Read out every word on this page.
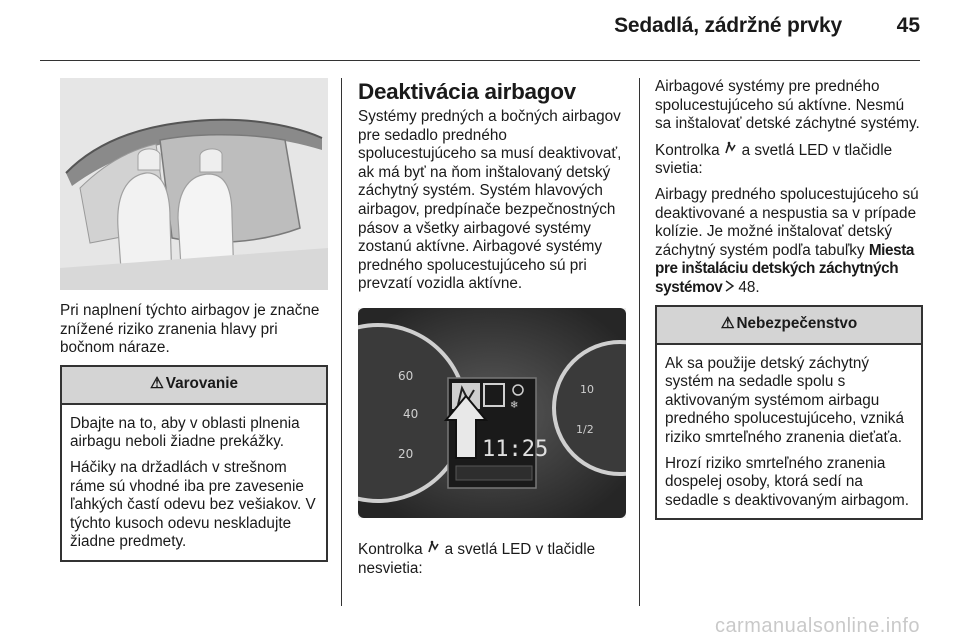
Sedadlá, zádržné prvky	45
Pri naplnení týchto airbagov je značne znížené riziko zranenia hlavy pri bočnom náraze.
⚠ Varovanie
Dbajte na to, aby v oblasti plnenia airbagu neboli žiadne prekážky.
Háčiky na držadlách v strešnom ráme sú vhodné iba pre zavesenie ľahkých častí odevu bez vešiakov. V týchto kusoch odevu neskladujte žiadne predmety.
Deaktivácia airbagov
Systémy predných a bočných airbagov pre sedadlo predného spolucestujúceho sa musí deaktivovať, ak má byť na ňom inštalovaný detský záchytný systém. Systém hlavových airbagov, predpínače bezpečnostných pásov a všetky airbagové systémy zostanú aktívne. Airbagové systémy predného spolucestujúceho sú pri prevzatí vozidla aktívne.
60
40
20
10
1/2
❄
11:25
Kontrolka a svetlá LED v tlačidle nesvietia:
Airbagové systémy pre predného spolucestujúceho sú aktívne. Nesmú sa inštalovať detské záchytné systémy.
Kontrolka a svetlá LED v tlačidle svietia:
Airbagy predného spolucestujúceho sú deaktivované a nespustia sa v prípade kolízie. Je možné inštalovať detský záchytný systém podľa tabuľky Miesta pre inštaláciu detských záchytných systémov 48.
⚠ Nebezpečenstvo
Ak sa použije detský záchytný systém na sedadle spolu s aktivovaným systémom airbagu predného spolucestujúceho, vzniká riziko smrteľného zranenia dieťaťa.
Hrozí riziko smrteľného zranenia dospelej osoby, ktorá sedí na sedadle s deaktivovaným airbagom.
carmanualsonline.info
